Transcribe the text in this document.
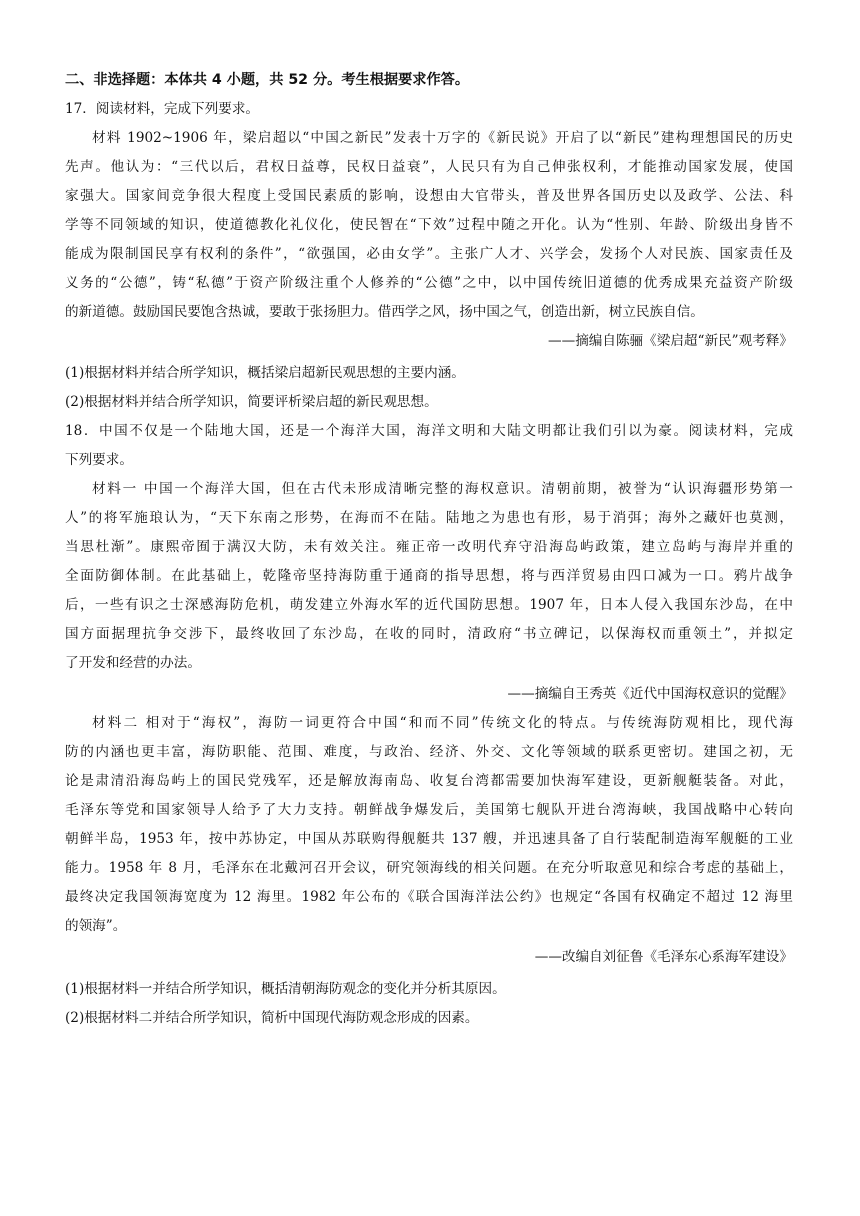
二、非选择题：本体共 4 小题，共 52 分。考生根据要求作答。
17．阅读材料，完成下列要求。
材料 1902~1906 年，梁启超以“中国之新民”发表十万字的《新民说》开启了以“新民”建构理想国民的历史
先声。他认为：“三代以后，君权日益尊，民权日益衰”，人民只有为自己伸张权利，才能推动国家发展，使国
家强大。国家间竞争很大程度上受国民素质的影响，设想由大官带头，普及世界各国历史以及政学、公法、科
学等不同领域的知识，使道德教化礼仪化，使民智在“下效”过程中随之开化。认为“性别、年龄、阶级出身皆不
能成为限制国民享有权利的条件”，“欲强国，必由女学”。主张广人才、兴学会，发扬个人对民族、国家责任及
义务的“公德”，铸“私德”于资产阶级注重个人修养的“公德”之中，以中国传统旧道德的优秀成果充益资产阶级
的新道德。鼓励国民要饱含热诚，要敢于张扬胆力。借西学之风，扬中国之气，创造出新，树立民族自信。
——摘编自陈骊《梁启超“新民”观考释》
(1)根据材料并结合所学知识，概括梁启超新民观思想的主要内涵。
(2)根据材料并结合所学知识，简要评析梁启超的新民观思想。
18．中国不仅是一个陆地大国，还是一个海洋大国，海洋文明和大陆文明都让我们引以为豪。阅读材料，完成
下列要求。
材料一 中国一个海洋大国，但在古代未形成清晰完整的海权意识。清朝前期，被誉为“认识海疆形势第一
人”的将军施琅认为，“天下东南之形势，在海而不在陆。陆地之为患也有形，易于消弭；海外之藏奸也莫测，
当思杜渐”。康熙帝囿于满汉大防，未有效关注。雍正帝一改明代弃守沿海岛屿政策，建立岛屿与海岸并重的
全面防御体制。在此基础上，乾隆帝坚持海防重于通商的指导思想，将与西洋贸易由四口减为一口。鸦片战争
后，一些有识之士深感海防危机，萌发建立外海水军的近代国防思想。1907 年，日本人侵入我国东沙岛，在中
国方面据理抗争交涉下，最终收回了东沙岛，在收的同时，清政府“书立碑记，以保海权而重领土”，并拟定
了开发和经营的办法。
——摘编自王秀英《近代中国海权意识的觉醒》
材料二 相对于“海权”，海防一词更符合中国“和而不同”传统文化的特点。与传统海防观相比，现代海
防的内涵也更丰富，海防职能、范围、难度，与政治、经济、外交、文化等领域的联系更密切。建国之初，无
论是肃清沿海岛屿上的国民党残军，还是解放海南岛、收复台湾都需要加快海军建设，更新舰艇装备。对此，
毛泽东等党和国家领导人给予了大力支持。朝鲜战争爆发后，美国第七舰队开进台湾海峡，我国战略中心转向
朝鲜半岛，1953 年，按中苏协定，中国从苏联购得舰艇共 137 艘，并迅速具备了自行装配制造海军舰艇的工业
能力。1958 年 8 月，毛泽东在北戴河召开会议，研究领海线的相关问题。在充分听取意见和综合考虑的基础上，
最终决定我国领海宽度为 12 海里。1982 年公布的《联合国海洋法公约》也规定“各国有权确定不超过 12 海里
的领海”。
——改编自刘征鲁《毛泽东心系海军建设》
(1)根据材料一并结合所学知识，概括清朝海防观念的变化并分析其原因。
(2)根据材料二并结合所学知识，简析中国现代海防观念形成的因素。
